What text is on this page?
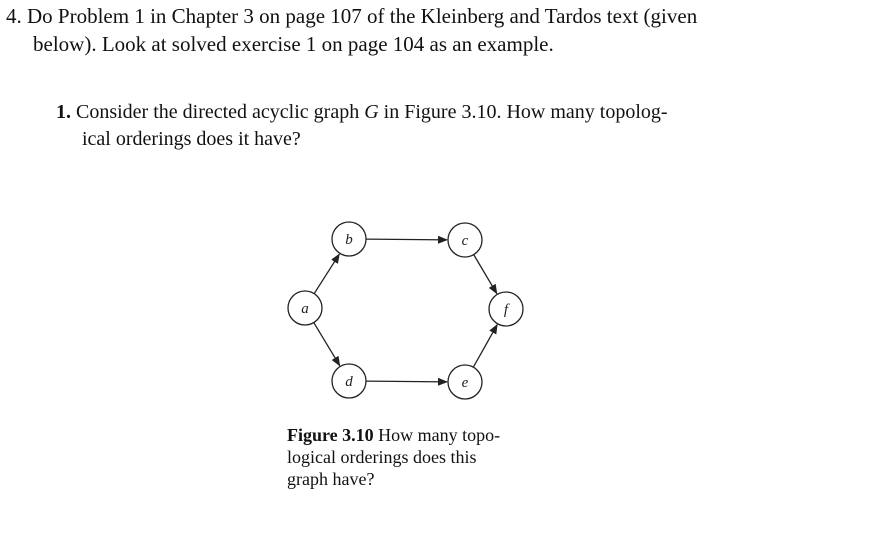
4. Do Problem 1 in Chapter 3 on page 107 of the Kleinberg and Tardos text (given
below). Look at solved exercise 1 on page 104 as an example.
1. Consider the directed acyclic graph G in Figure 3.10. How many topolog-
ical orderings does it have?
a
b	c
d	e
f
Figure 3.10 How many topo-
logical orderings does this
graph have?
